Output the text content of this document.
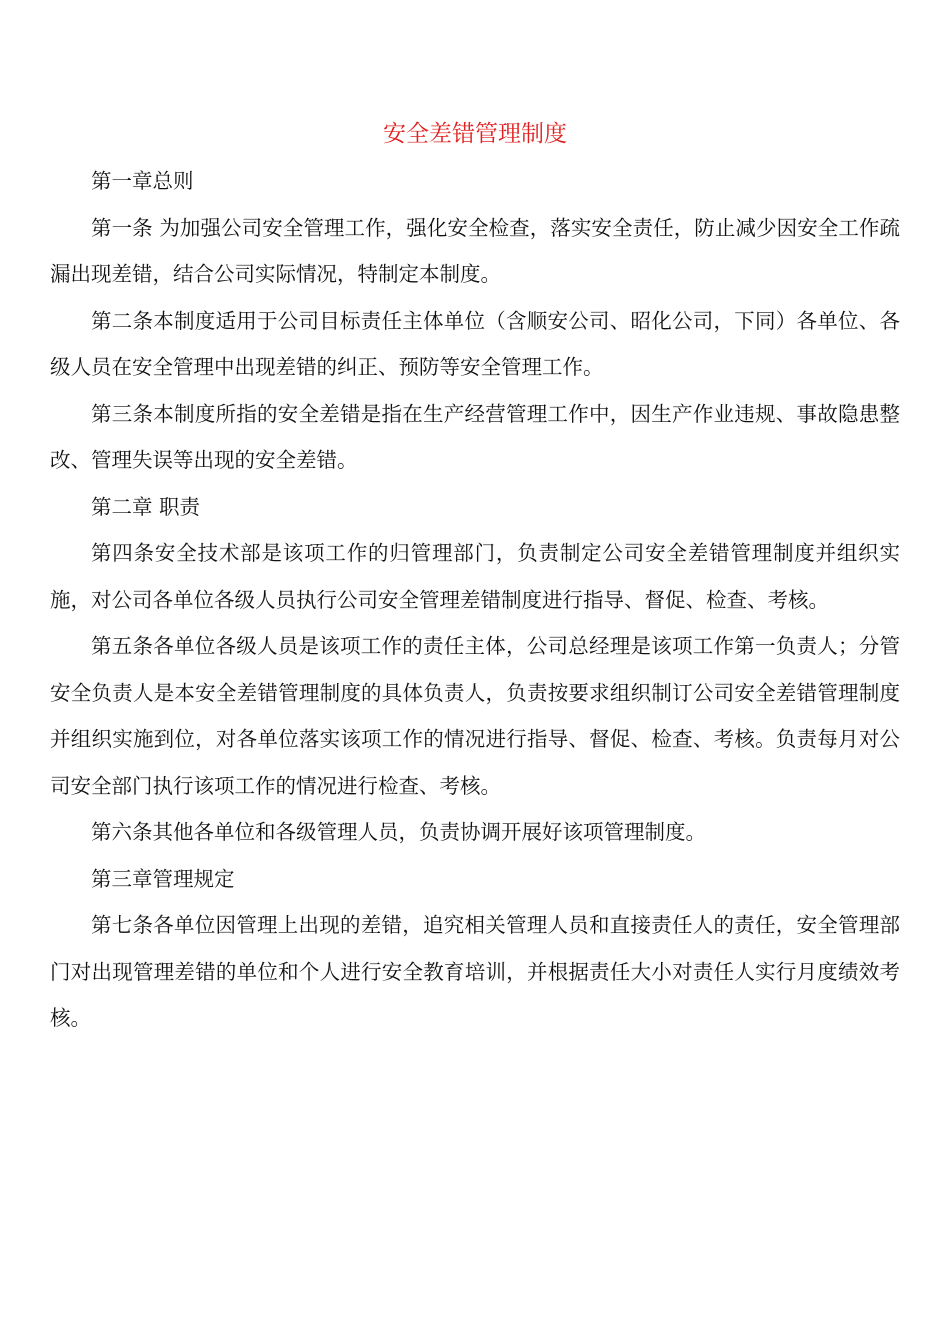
安全差错管理制度

第一章总则

第一条 为加强公司安全管理工作，强化安全检查，落实安全责任，防止减少因安全工作疏漏出现差错，结合公司实际情况，特制定本制度。

第二条本制度适用于公司目标责任主体单位（含顺安公司、昭化公司，下同）各单位、各级人员在安全管理中出现差错的纠正、预防等安全管理工作。

第三条本制度所指的安全差错是指在生产经营管理工作中，因生产作业违规、事故隐患整改、管理失误等出现的安全差错。

第二章 职责

第四条安全技术部是该项工作的归管理部门，负责制定公司安全差错管理制度并组织实施，对公司各单位各级人员执行公司安全管理差错制度进行指导、督促、检查、考核。

第五条各单位各级人员是该项工作的责任主体，公司总经理是该项工作第一负责人；分管安全负责人是本安全差错管理制度的具体负责人，负责按要求组织制订公司安全差错管理制度并组织实施到位，对各单位落实该项工作的情况进行指导、督促、检查、考核。负责每月对公司安全部门执行该项工作的情况进行检查、考核。

第六条其他各单位和各级管理人员，负责协调开展好该项管理制度。

第三章管理规定

第七条各单位因管理上出现的差错，追究相关管理人员和直接责任人的责任，安全管理部门对出现管理差错的单位和个人进行安全教育培训，并根据责任大小对责任人实行月度绩效考核。
